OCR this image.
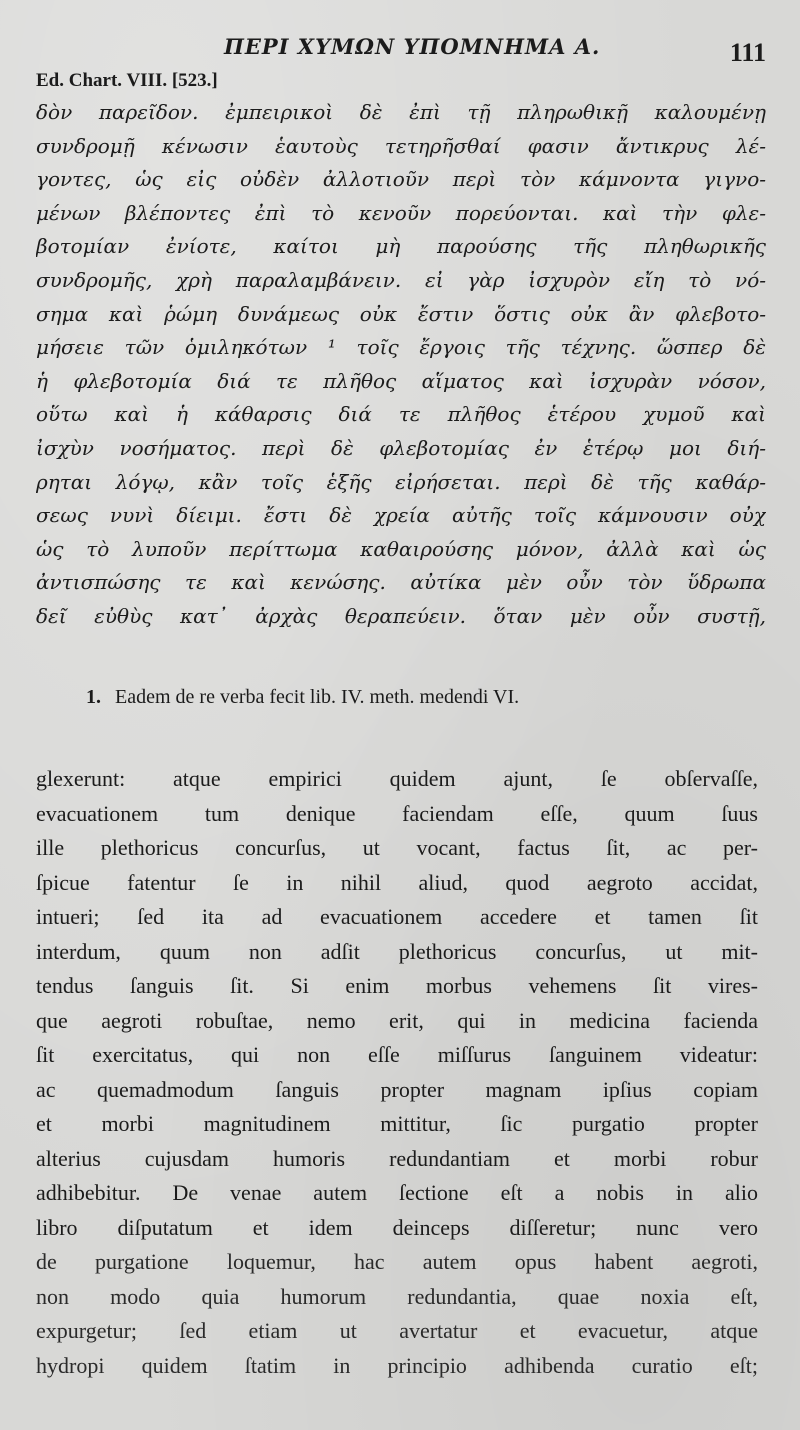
ΠΕΡΙ ΧΥΜΩΝ ΥΠΟΜΝΗΜΑ Α.	111
Ed. Chart. VIII. [523.]
δὸν παρεῖδον. ἐμπειρικοὶ δὲ ἐπὶ τῇ πληρωθικῇ καλουμένῃ
συνδρομῇ κένωσιν ἑαυτοὺς τετηρῆσθαί φασιν ἄντικρυς λέ-
γοντες, ὡς εἰς οὐδὲν ἀλλοτιοῦν περὶ τὸν κάμνοντα γιγνο-
μένων βλέποντες ἐπὶ τὸ κενοῦν πορεύονται. καὶ τὴν φλε-
βοτομίαν ἐνίοτε, καίτοι μὴ παρούσης τῆς πληθωρικῆς
συνδρομῆς, χρὴ παραλαμβάνειν. εἰ γὰρ ἰσχυρὸν εἴη τὸ νό-
σημα καὶ ῥώμη δυνάμεως οὐκ ἔστιν ὅστις οὐκ ἂν φλεβοτο-
μήσειε τῶν ὁμιληκότων ¹ τοῖς ἔργοις τῆς τέχνης. ὥσπερ δὲ
ἡ φλεβοτομία διά τε πλῆθος αἵματος καὶ ἰσχυρὰν νόσον,
οὕτω καὶ ἡ κάθαρσις διά τε πλῆθος ἑτέρου χυμοῦ καὶ
ἰσχὺν νοσήματος. περὶ δὲ φλεβοτομίας ἐν ἑτέρῳ μοι διή-
ρηται λόγῳ, κἂν τοῖς ἑξῆς εἰρήσεται. περὶ δὲ τῆς καθάρ-
σεως νυνὶ δίειμι. ἔστι δὲ χρεία αὐτῆς τοῖς κάμνουσιν οὐχ
ὡς τὸ λυποῦν περίττωμα καθαιρούσης μόνον, ἀλλὰ καὶ ὡς
ἀντισπώσης τε καὶ κενώσης. αὐτίκα μὲν οὖν τὸν ὕδρωπα
δεῖ εὐθὺς κατ᾽ ἀρχὰς θεραπεύειν. ὅταν μὲν οὖν συστῇ,
1. Eadem de re verba fecit lib. IV. meth. medendi VI.
glexerunt: atque empirici quidem ajunt, ſe obſervaſſe,
evacuationem tum denique faciendam eſſe, quum ſuus
ille plethoricus concurſus, ut vocant, factus ſit, ac per-
ſpicue fatentur ſe in nihil aliud, quod aegroto accidat,
intueri; ſed ita ad evacuationem accedere et tamen ſit
interdum, quum non adſit plethoricus concurſus, ut mit-
tendus ſanguis ſit. Si enim morbus vehemens ſit vires-
que aegroti robuſtae, nemo erit, qui in medicina facienda
ſit exercitatus, qui non eſſe miſſurus ſanguinem videatur:
ac quemadmodum ſanguis propter magnam ipſius copiam
et morbi magnitudinem mittitur, ſic purgatio propter
alterius cujusdam humoris redundantiam et morbi robur
adhibebitur. De venae autem ſectione eſt a nobis in alio
libro diſputatum et idem deinceps diſſeretur; nunc vero
de purgatione loquemur, hac autem opus habent aegroti,
non modo quia humorum redundantia, quae noxia eſt,
expurgetur; ſed etiam ut avertatur et evacuetur, atque
hydropi quidem ſtatim in principio adhibenda curatio eſt;
